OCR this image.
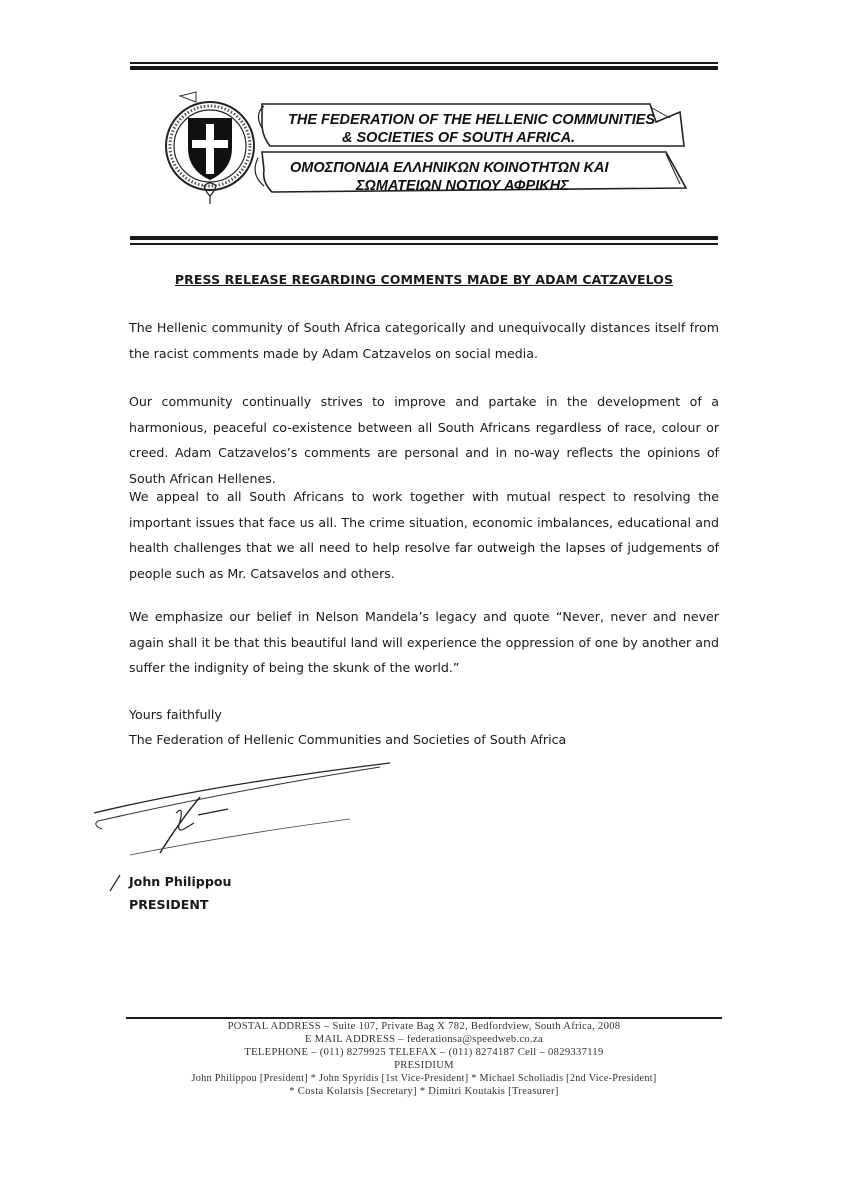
THE FEDERATION OF THE HELLENIC COMMUNITIES
& SOCIETIES OF SOUTH AFRICA.
ΟΜΟΣΠΟΝΔΙΑ ΕΛΛΗΝΙΚΩΝ ΚΟΙΝΟΤΗΤΩΝ ΚΑΙ
ΣΩΜΑΤΕΙΩΝ ΝΟΤΙΟΥ ΑΦΡΙΚΗΣ
PRESS RELEASE REGARDING COMMENTS MADE BY ADAM CATZAVELOS

The Hellenic community of South Africa categorically and unequivocally distances itself from the racist comments made by Adam Catzavelos on social media.

Our community continually strives to improve and partake in the development of a harmonious, peaceful co-existence between all South Africans regardless of race, colour or creed. Adam Catzavelos’s comments are personal and in no-way reflects the opinions of South African Hellenes.

We appeal to all South Africans to work together with mutual respect to resolving the important issues that face us all. The crime situation, economic imbalances, educational and health challenges that we all need to help resolve far outweigh the lapses of judgements of people such as Mr. Catsavelos and others.

We emphasize our belief in Nelson Mandela’s legacy and quote “Never, never and never again shall it be that this beautiful land will experience the oppression of one by another and suffer the indignity of being the skunk of the world.”

Yours faithfully
The Federation of Hellenic Communities and Societies of South Africa
John Philippou
PRESIDENT
POSTAL ADDRESS – Suite 107, Private Bag X 782, Bedfordview, South Africa, 2008
E MAIL ADDRESS – federationsa@speedweb.co.za
TELEPHONE – (011) 8279925 TELEFAX – (011) 8274187 Cell – 0829337119
PRESIDIUM
John Philippou [President] * John Spyridis [1st Vice-President] * Michael Scholiadis [2nd Vice-President]
* Costa Kolatsis [Secretary] * Dimitri Koutakis [Treasurer]
